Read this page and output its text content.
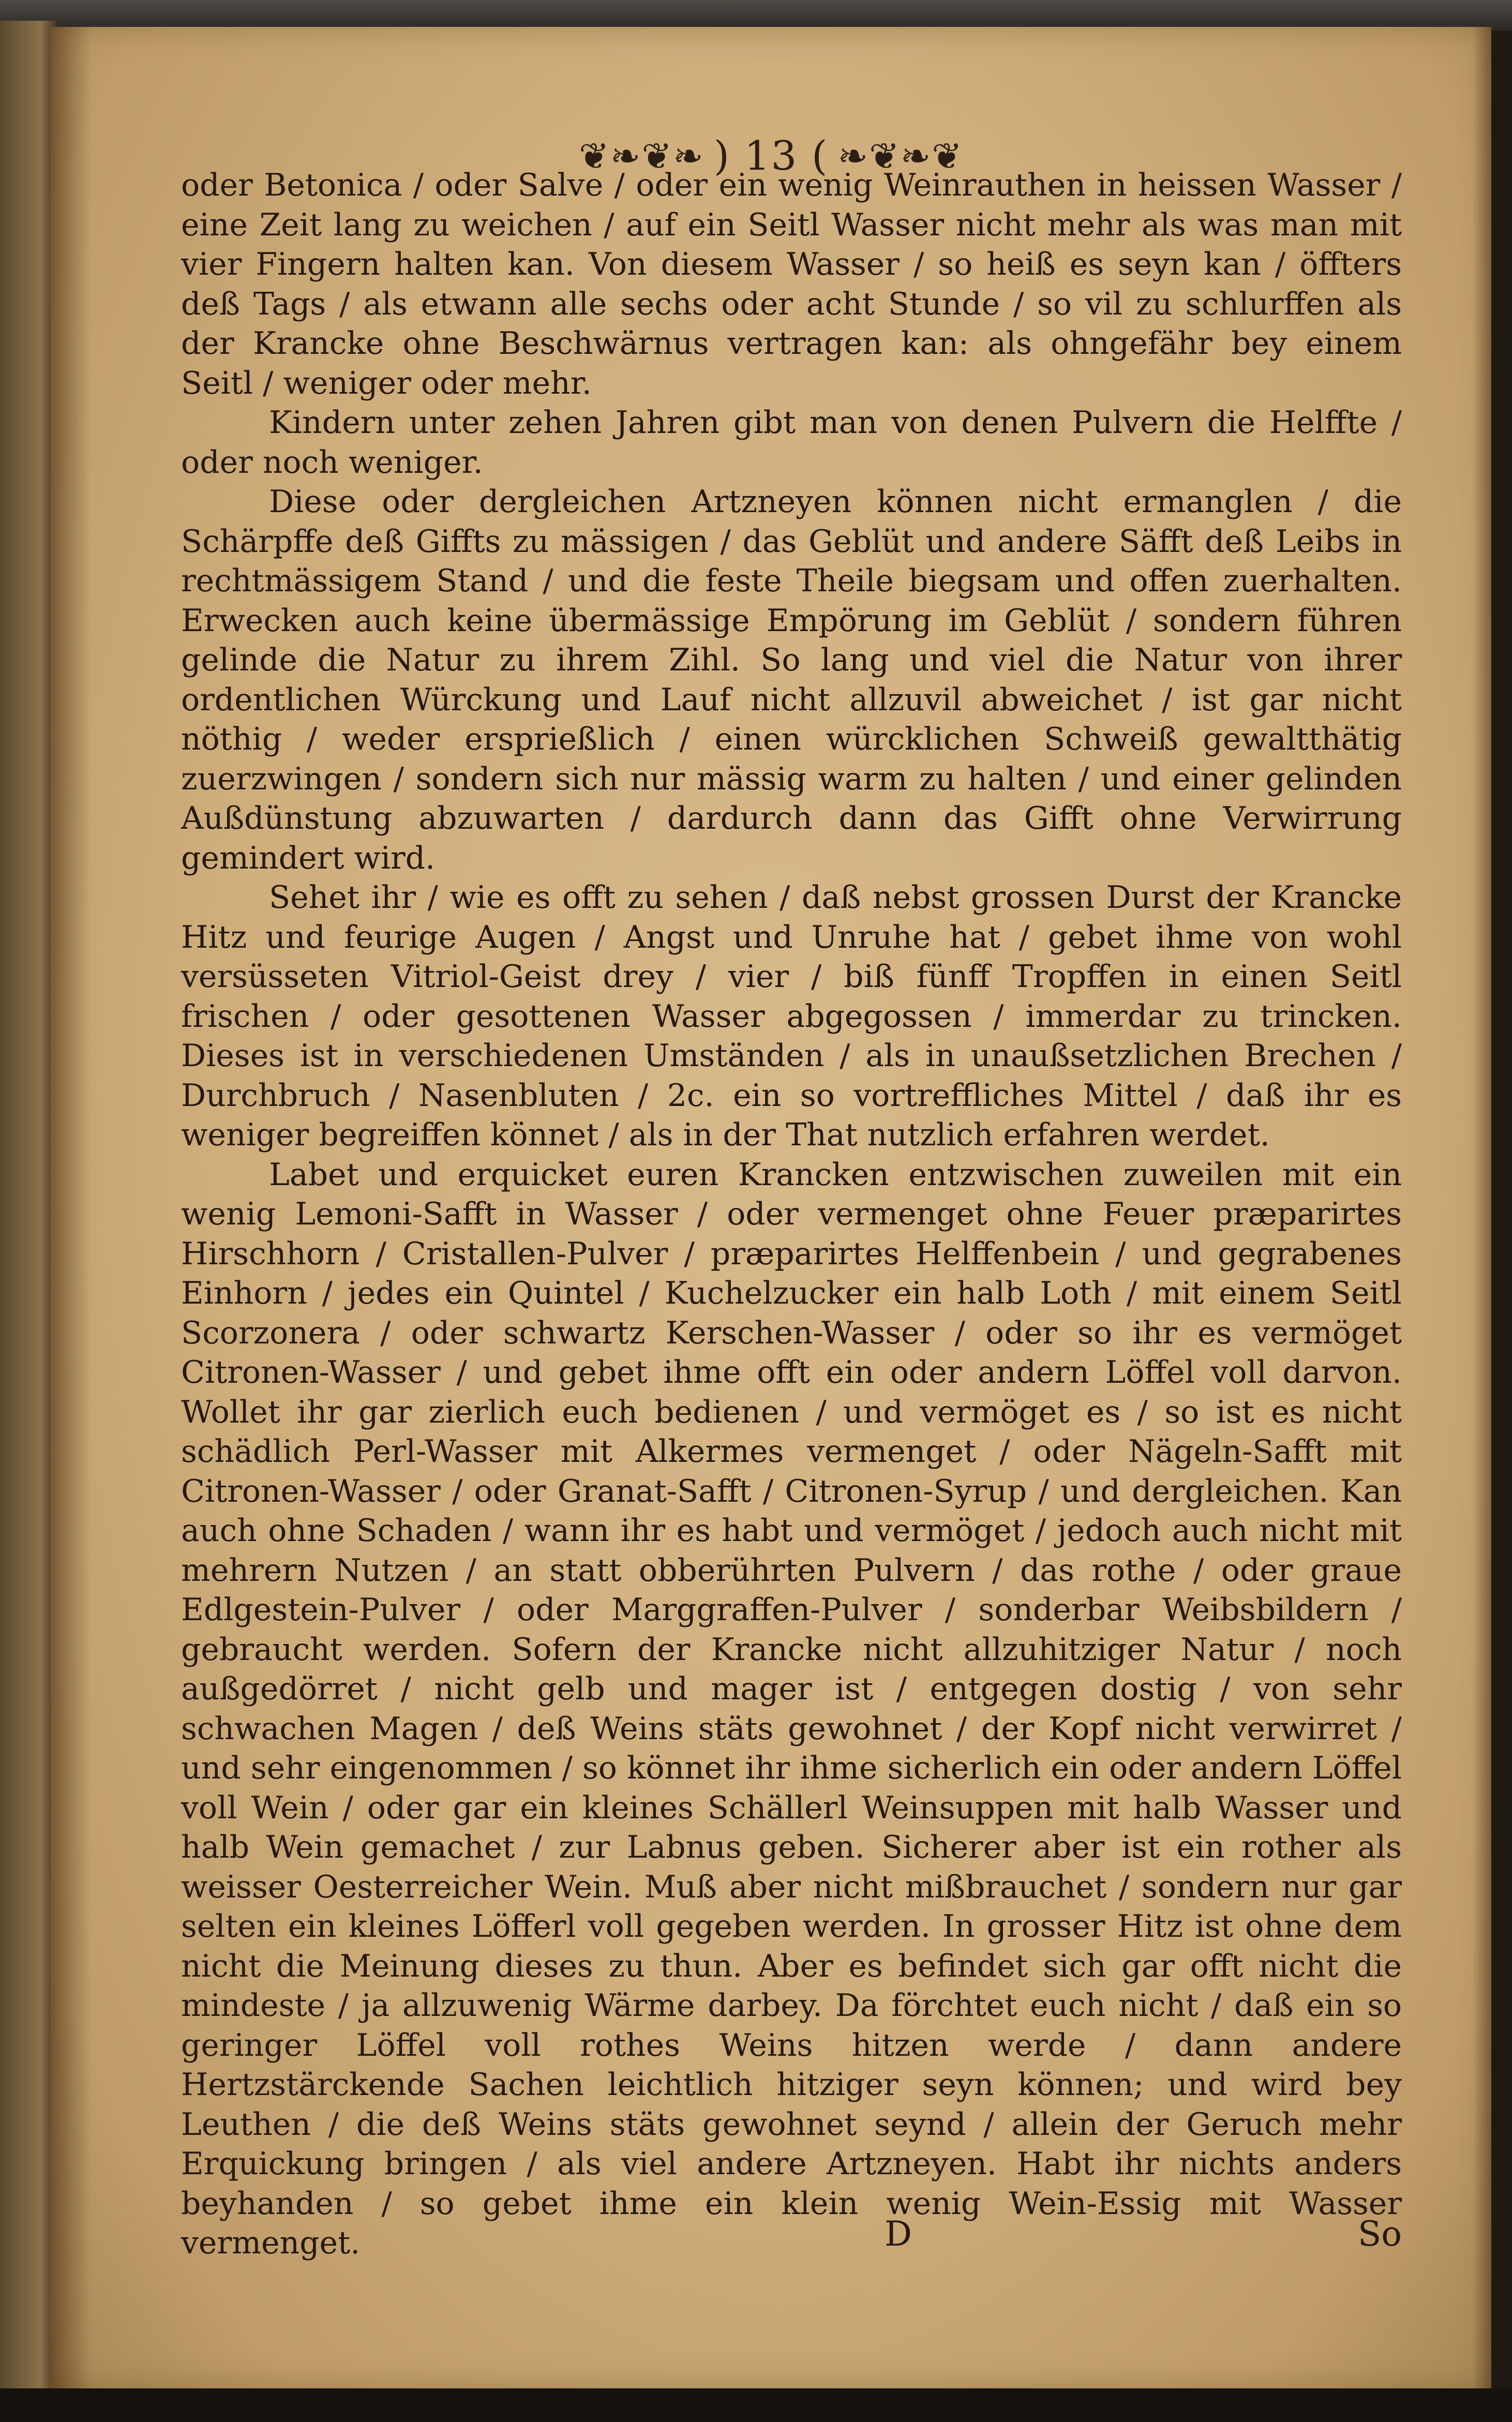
❦❧❦❧ ) 13 ( ❧❦❧❦

oder Betonica / oder Salve / oder ein wenig Weinrauthen in heissen Wasser / eine Zeit lang zu weichen / auf ein Seitl Wasser nicht mehr als was man mit vier Fingern halten kan. Von diesem Wasser / so heiß es seyn kan / öffters deß Tags / als etwann alle sechs oder acht Stunde / so vil zu schlurffen als der Krancke ohne Beschwärnus vertragen kan: als ohngefähr bey einem Seitl / weniger oder mehr.

Kindern unter zehen Jahren gibt man von denen Pulvern die Helffte / oder noch weniger.

Diese oder dergleichen Artzneyen können nicht ermanglen / die Schärpffe deß Giffts zu mässigen / das Geblüt und andere Säfft deß Leibs in rechtmässigem Stand / und die feste Theile biegsam und offen zuerhalten. Erwecken auch keine übermässige Empörung im Geblüt / sondern führen gelinde die Natur zu ihrem Zihl. So lang und viel die Natur von ihrer ordentlichen Würckung und Lauf nicht allzuvil abweichet / ist gar nicht nöthig / weder ersprießlich / einen würcklichen Schweiß gewaltthätig zuerzwingen / sondern sich nur mässig warm zu halten / und einer gelinden Außdünstung abzuwarten / dardurch dann das Gifft ohne Verwirrung gemindert wird.

Sehet ihr / wie es offt zu sehen / daß nebst grossen Durst der Krancke Hitz und feurige Augen / Angst und Unruhe hat / gebet ihme von wohl versüsseten Vitriol-Geist drey / vier / biß fünff Tropffen in einen Seitl frischen / oder gesottenen Wasser abgegossen / immerdar zu trincken. Dieses ist in verschiedenen Umständen / als in unaußsetzlichen Brechen / Durchbruch / Nasenbluten / 2c. ein so vortreffliches Mittel / daß ihr es weniger begreiffen könnet / als in der That nutzlich erfahren werdet.

Labet und erquicket euren Krancken entzwischen zuweilen mit ein wenig Lemoni-Safft in Wasser / oder vermenget ohne Feuer præparirtes Hirschhorn / Cristallen-Pulver / præparirtes Helffenbein / und gegrabenes Einhorn / jedes ein Quintel / Kuchelzucker ein halb Loth / mit einem Seitl Scorzonera / oder schwartz Kerschen-Wasser / oder so ihr es vermöget Citronen-Wasser / und gebet ihme offt ein oder andern Löffel voll darvon. Wollet ihr gar zierlich euch bedienen / und vermöget es / so ist es nicht schädlich Perl-Wasser mit Alkermes vermenget / oder Nägeln-Safft mit Citronen-Wasser / oder Granat-Safft / Citronen-Syrup / und dergleichen. Kan auch ohne Schaden / wann ihr es habt und vermöget / jedoch auch nicht mit mehrern Nutzen / an statt obberührten Pulvern / das rothe / oder graue Edlgestein-Pulver / oder Marggraffen-Pulver / sonderbar Weibsbildern / gebraucht werden. Sofern der Krancke nicht allzuhitziger Natur / noch außgedörret / nicht gelb und mager ist / entgegen dostig / von sehr schwachen Magen / deß Weins stäts gewohnet / der Kopf nicht verwirret / und sehr eingenommen / so könnet ihr ihme sicherlich ein oder andern Löffel voll Wein / oder gar ein kleines Schällerl Weinsuppen mit halb Wasser und halb Wein gemachet / zur Labnus geben. Sicherer aber ist ein rother als weisser Oesterreicher Wein. Muß aber nicht mißbrauchet / sondern nur gar selten ein kleines Löfferl voll gegeben werden. In grosser Hitz ist ohne dem nicht die Meinung dieses zu thun. Aber es befindet sich gar offt nicht die mindeste / ja allzuwenig Wärme darbey. Da förchtet euch nicht / daß ein so geringer Löffel voll rothes Weins hitzen werde / dann andere Hertzstärckende Sachen leichtlich hitziger seyn können; und wird bey Leuthen / die deß Weins stäts gewohnet seynd / allein der Geruch mehr Erquickung bringen / als viel andere Artzneyen. Habt ihr nichts anders beyhanden / so gebet ihme ein klein wenig Wein-Essig mit Wasser vermenget.	D	So
